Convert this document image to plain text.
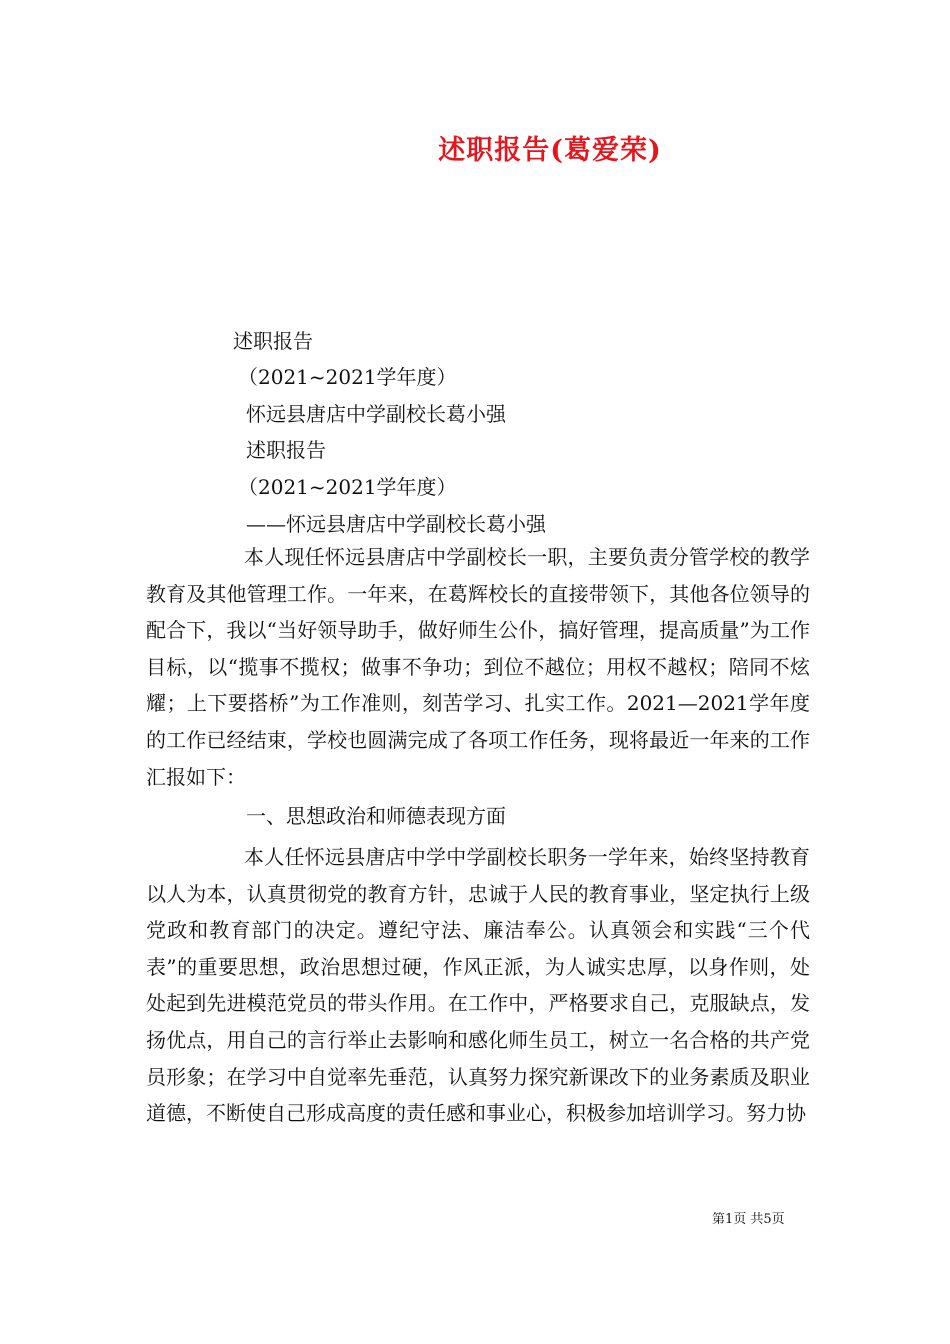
述职报告(葛爱荣)
述职报告
（2021~2021学年度）
怀远县唐店中学副校长葛小强
述职报告
（2021~2021学年度）
——怀远县唐店中学副校长葛小强

本人现任怀远县唐店中学副校长一职，主要负责分管学校的教学教育及其他管理工作。一年来，在葛辉校长的直接带领下，其他各位领导的配合下，我以“当好领导助手，做好师生公仆，搞好管理，提高质量”为工作目标，以“揽事不揽权；做事不争功；到位不越位；用权不越权；陪同不炫耀；上下要搭桥”为工作准则，刻苦学习、扎实工作。2021—2021学年度的工作已经结束，学校也圆满完成了各项工作任务，现将最近一年来的工作汇报如下：

一、思想政治和师德表现方面

本人任怀远县唐店中学中学副校长职务一学年来，始终坚持教育以人为本，认真贯彻党的教育方针，忠诚于人民的教育事业，坚定执行上级党政和教育部门的决定。遵纪守法、廉洁奉公。认真领会和实践“三个代表”的重要思想，政治思想过硬，作风正派，为人诚实忠厚，以身作则，处处起到先进模范党员的带头作用。在工作中，严格要求自己，克服缺点，发扬优点，用自己的言行举止去影响和感化师生员工，树立一名合格的共产党员形象；在学习中自觉率先垂范，认真努力探究新课改下的业务素质及职业道德，不断使自己形成高度的责任感和事业心，积极参加培训学习。努力协

第1页 共5页
